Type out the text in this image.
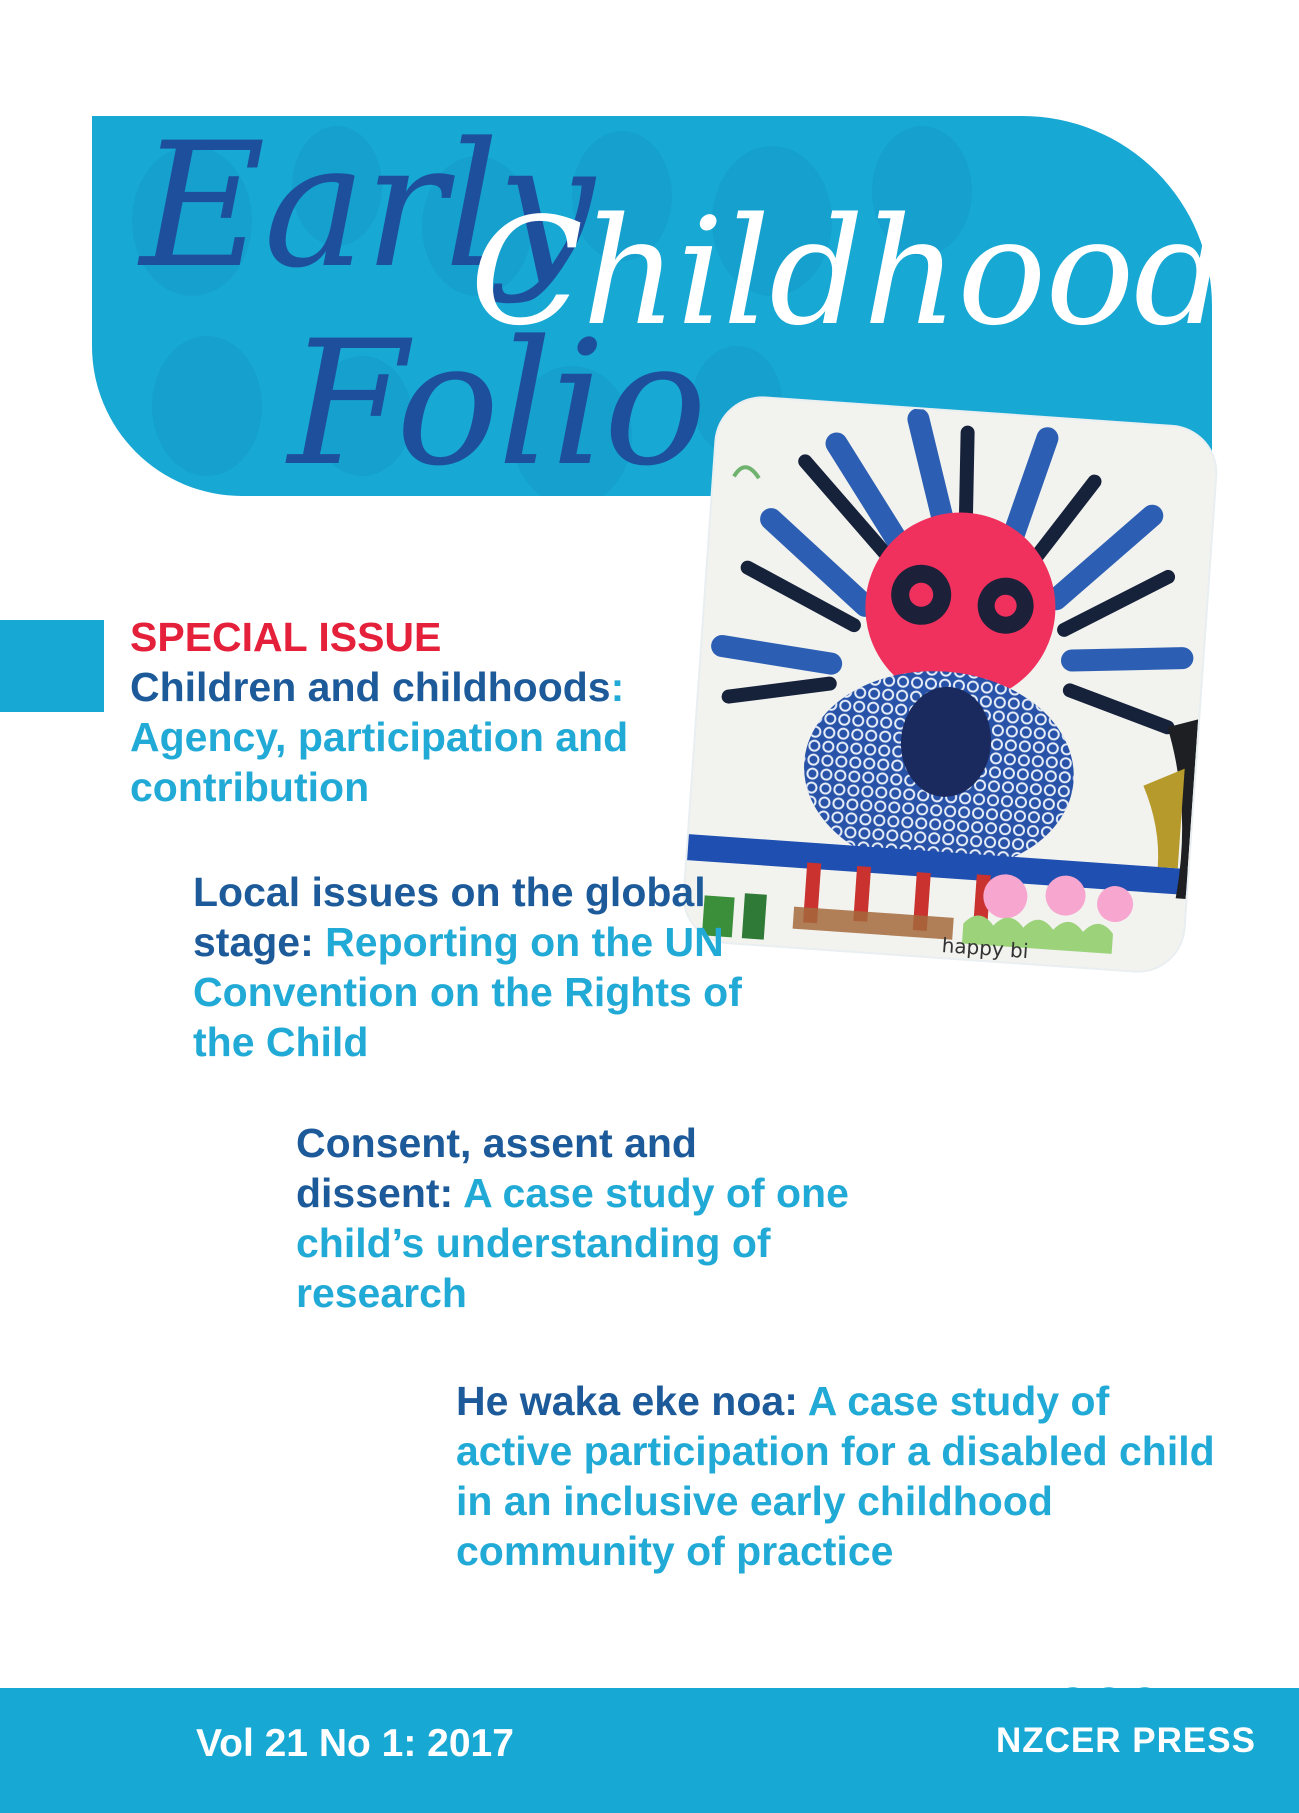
Early
Folio
Childhood
happy bi
SPECIAL ISSUE
Children and childhoods:
Agency, participation and contribution
Local issues on the global stage: Reporting on the UN Convention on the Rights of the Child
Consent, assent and dissent: A case study of one child’s understanding of research
He waka eke noa: A case study of active participation for a disabled child in an inclusive early childhood community of practice
Vol 21 No 1: 2017	NZCER PRESS
